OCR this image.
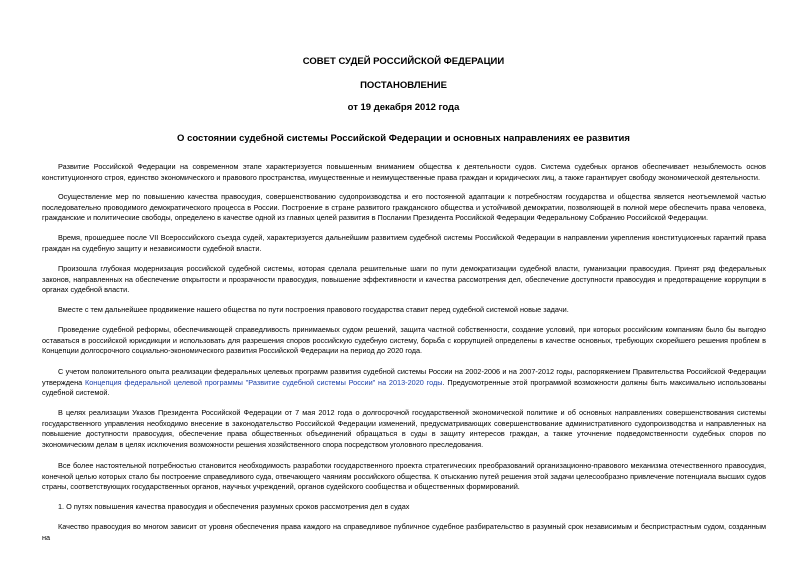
СОВЕТ СУДЕЙ РОССИЙСКОЙ ФЕДЕРАЦИИ
ПОСТАНОВЛЕНИЕ
от 19 декабря 2012 года
О состоянии судебной системы Российской Федерации и основных направлениях ее развития
Развитие Российской Федерации на современном этапе характеризуется повышенным вниманием общества к деятельности судов. Система судебных органов обеспечивает незыблемость основ конституционного строя, единство экономического и правового пространства, имущественные и неимущественные права граждан и юридических лиц, а также гарантирует свободу экономической деятельности.
Осуществление мер по повышению качества правосудия, совершенствованию судопроизводства и его постоянной адаптации к потребностям государства и общества является неотъемлемой частью последовательно проводимого демократического процесса в России. Построение в стране развитого гражданского общества и устойчивой демократии, позволяющей в полной мере обеспечить права человека, гражданские и политические свободы, определено в качестве одной из главных целей развития в Послании Президента Российской Федерации Федеральному Собранию Российской Федерации.
Время, прошедшее после VII Всероссийского съезда судей, характеризуется дальнейшим развитием судебной системы Российской Федерации в направлении укрепления конституционных гарантий права граждан на судебную защиту и независимости судебной власти.
Произошла глубокая модернизация российской судебной системы, которая сделала решительные шаги по пути демократизации судебной власти, гуманизации правосудия. Принят ряд федеральных законов, направленных на обеспечение открытости и прозрачности правосудия, повышение эффективности и качества рассмотрения дел, обеспечение доступности правосудия и предотвращение коррупции в органах судебной власти.
Вместе с тем дальнейшее продвижение нашего общества по пути построения правового государства ставит перед судебной системой новые задачи.
Проведение судебной реформы, обеспечивающей справедливость принимаемых судом решений, защита частной собственности, создание условий, при которых российским компаниям было бы выгодно оставаться в российской юрисдикции и использовать для разрешения споров российскую судебную систему, борьба с коррупцией определены в качестве основных, требующих скорейшего решения проблем в Концепции долгосрочного социально-экономического развития Российской Федерации на период до 2020 года.
С учетом положительного опыта реализации федеральных целевых программ развития судебной системы России на 2002-2006 и на 2007-2012 годы, распоряжением Правительства Российской Федерации утверждена Концепция федеральной целевой программы "Развитие судебной системы России" на 2013-2020 годы. Предусмотренные этой программой возможности должны быть максимально использованы судебной системой.
В целях реализации Указов Президента Российской Федерации от 7 мая 2012 года о долгосрочной государственной экономической политике и об основных направлениях совершенствования системы государственного управления необходимо внесение в законодательство Российской Федерации изменений, предусматривающих совершенствование административного судопроизводства и направленных на повышение доступности правосудия, обеспечение права общественных объединений обращаться в суды в защиту интересов граждан, а также уточнение подведомственности судебных споров по экономическим делам в целях исключения возможности решения хозяйственного спора посредством уголовного преследования.
Все более настоятельной потребностью становится необходимость разработки государственного проекта стратегических преобразований организационно-правового механизма отечественного правосудия, конечной целью которых стало бы построение справедливого суда, отвечающего чаяниям российского общества. К отысканию путей решения этой задачи целесообразно привлечение потенциала высших судов страны, соответствующих государственных органов, научных учреждений, органов судейского сообщества и общественных формирований.
1. О путях повышения качества правосудия и обеспечения разумных сроков рассмотрения дел в судах
Качество правосудия во многом зависит от уровня обеспечения права каждого на справедливое публичное судебное разбирательство в разумный срок независимым и беспристрастным судом, созданным на
